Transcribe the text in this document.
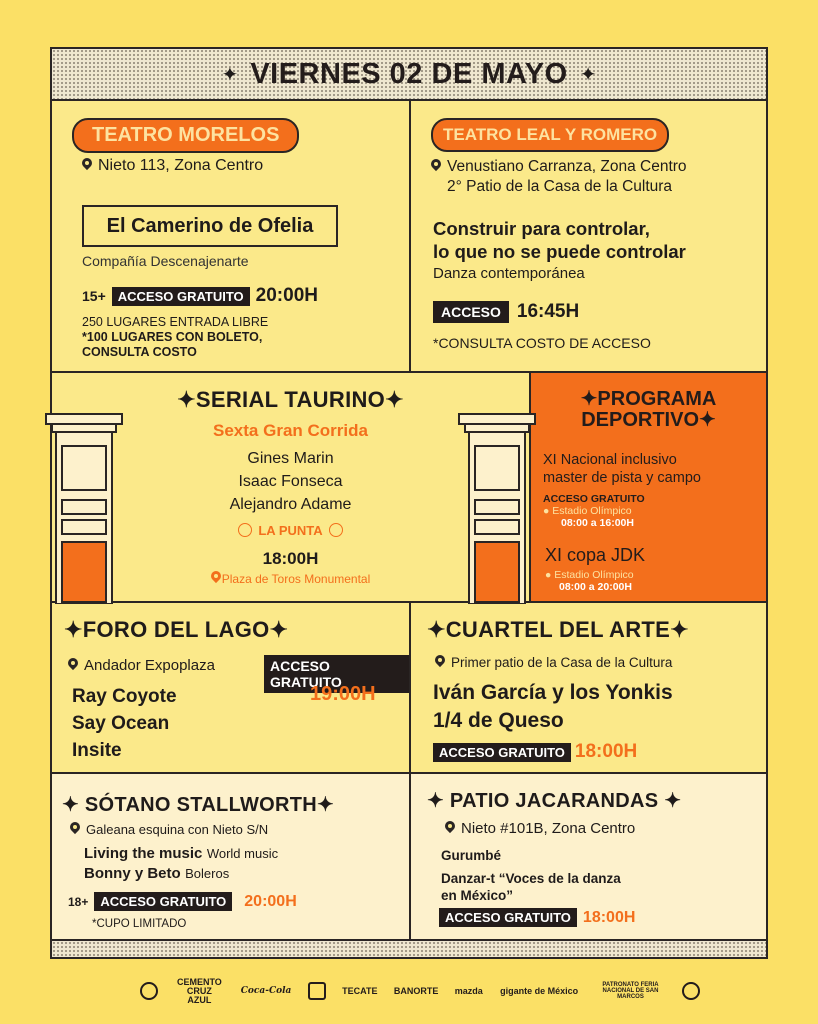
✦ VIERNES 02 DE MAYO ✦
TEATRO MORELOS
Nieto 113, Zona Centro
El Camerino de Ofelia
Compañía Descenajenarte
15+ ACCESO GRATUITO 20:00H
250 LUGARES ENTRADA LIBRE
*100 LUGARES CON BOLETO,
CONSULTA COSTO
TEATRO LEAL Y ROMERO
Venustiano Carranza, Zona Centro
2° Patio de la Casa de la Cultura
Construir para controlar,
lo que no se puede controlar
Danza contemporánea
ACCESO 16:45H
*CONSULTA COSTO DE ACCESO
✦SERIAL TAURINO✦
Sexta Gran Corrida
Gines Marin
Isaac Fonseca
Alejandro Adame
LA PUNTA
18:00H
Plaza de Toros Monumental
✦PROGRAMA
DEPORTIVO✦
XI Nacional inclusivo
master de pista y campo
ACCESO GRATUITO
● Estadio Olímpico
08:00 a 16:00H
XI copa JDK
● Estadio Olímpico
08:00 a 20:00H
✦FORO DEL LAGO✦
Andador Expoplaza	ACCESO GRATUITO
19:00H
Ray Coyote
Say Ocean
Insite
✦CUARTEL DEL ARTE✦
Primer patio de la Casa de la Cultura
Iván García y los Yonkis
1/4 de Queso
ACCESO GRATUITO 18:00H
✦ SÓTANO STALLWORTH✦
Galeana esquina con Nieto S/N
Living the music World music
Bonny y Beto Boleros
18+ ACCESO GRATUITO	20:00H
*CUPO LIMITADO
✦ PATIO JACARANDAS ✦
Nieto #101B, Zona Centro
Gurumbé
Danzar-t “Voces de la danza
en México”
ACCESO GRATUITO 18:00H
CEMENTO CRUZ AZUL
Coca-Cola	TECATE BANORTE mazda gigante de México
PATRONATO FERIA NACIONAL DE SAN MARCOS
